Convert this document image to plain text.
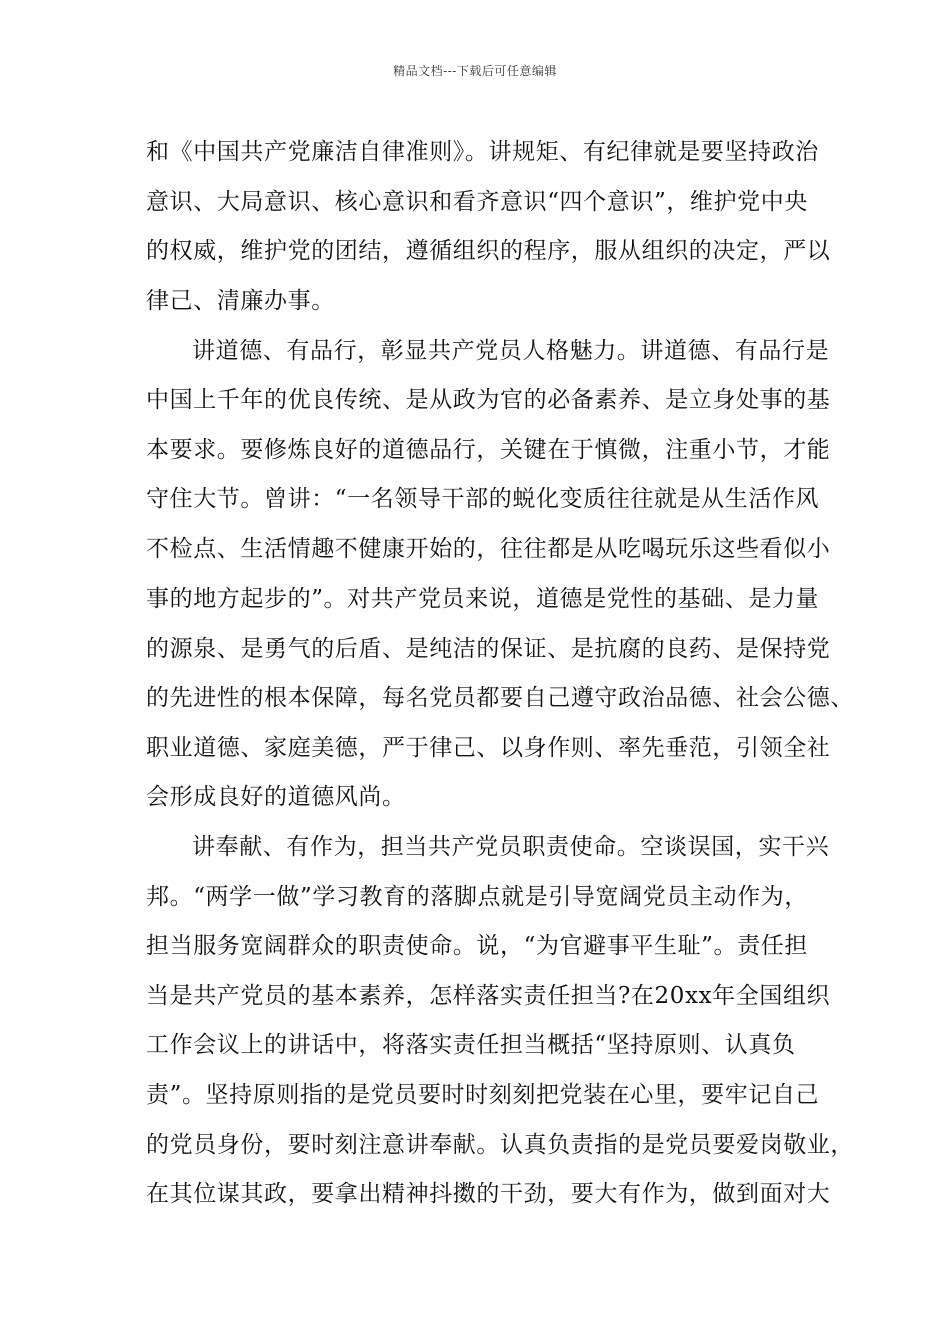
精品文档---下载后可任意编辑
和《中国共产党廉洁自律准则》。讲规矩、有纪律就是要坚持政治
意识、大局意识、核心意识和看齐意识“四个意识”，维护党中央
的权威，维护党的团结，遵循组织的程序，服从组织的决定，严以
律己、清廉办事。
讲道德、有品行，彰显共产党员人格魅力。讲道德、有品行是
中国上千年的优良传统、是从政为官的必备素养、是立身处事的基
本要求。要修炼良好的道德品行，关键在于慎微，注重小节，才能
守住大节。曾讲：“一名领导干部的蜕化变质往往就是从生活作风
不检点、生活情趣不健康开始的，往往都是从吃喝玩乐这些看似小
事的地方起步的”。对共产党员来说，道德是党性的基础、是力量
的源泉、是勇气的后盾、是纯洁的保证、是抗腐的良药、是保持党
的先进性的根本保障，每名党员都要自己遵守政治品德、社会公德、
职业道德、家庭美德，严于律己、以身作则、率先垂范，引领全社
会形成良好的道德风尚。
讲奉献、有作为，担当共产党员职责使命。空谈误国，实干兴
邦。“两学一做”学习教育的落脚点就是引导宽阔党员主动作为，
担当服务宽阔群众的职责使命。说，“为官避事平生耻”。责任担
当是共产党员的基本素养，怎样落实责任担当?在20xx年全国组织
工作会议上的讲话中，将落实责任担当概括“坚持原则、认真负
责”。坚持原则指的是党员要时时刻刻把党装在心里，要牢记自己
的党员身份，要时刻注意讲奉献。认真负责指的是党员要爱岗敬业，
在其位谋其政，要拿出精神抖擞的干劲，要大有作为，做到面对大
